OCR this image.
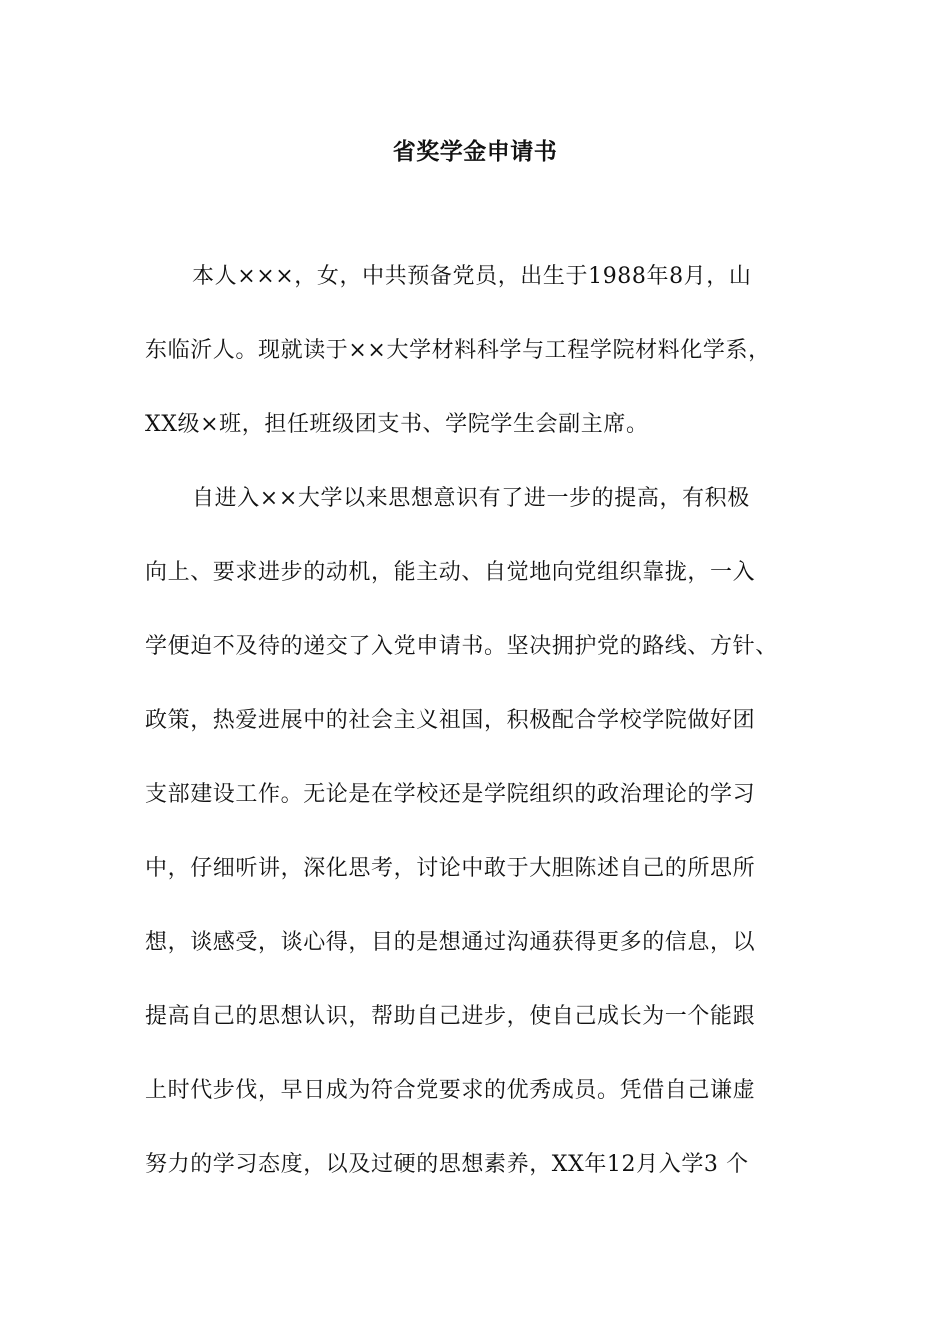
省奖学金申请书

本人×××，女，中共预备党员，出生于1988年8月，山

东临沂人。现就读于××大学材料科学与工程学院材料化学系，

XX级×班，担任班级团支书、学院学生会副主席。

自进入××大学以来思想意识有了进一步的提高，有积极

向上、要求进步的动机，能主动、自觉地向党组织靠拢，一入

学便迫不及待的递交了入党申请书。坚决拥护党的路线、方针、

政策，热爱进展中的社会主义祖国，积极配合学校学院做好团

支部建设工作。无论是在学校还是学院组织的政治理论的学习

中，仔细听讲，深化思考，讨论中敢于大胆陈述自己的所思所

想，谈感受，谈心得，目的是想通过沟通获得更多的信息，以

提高自己的思想认识，帮助自己进步，使自己成长为一个能跟

上时代步伐，早日成为符合党要求的优秀成员。凭借自己谦虚

努力的学习态度，以及过硬的思想素养，XX年12月入学3 个
